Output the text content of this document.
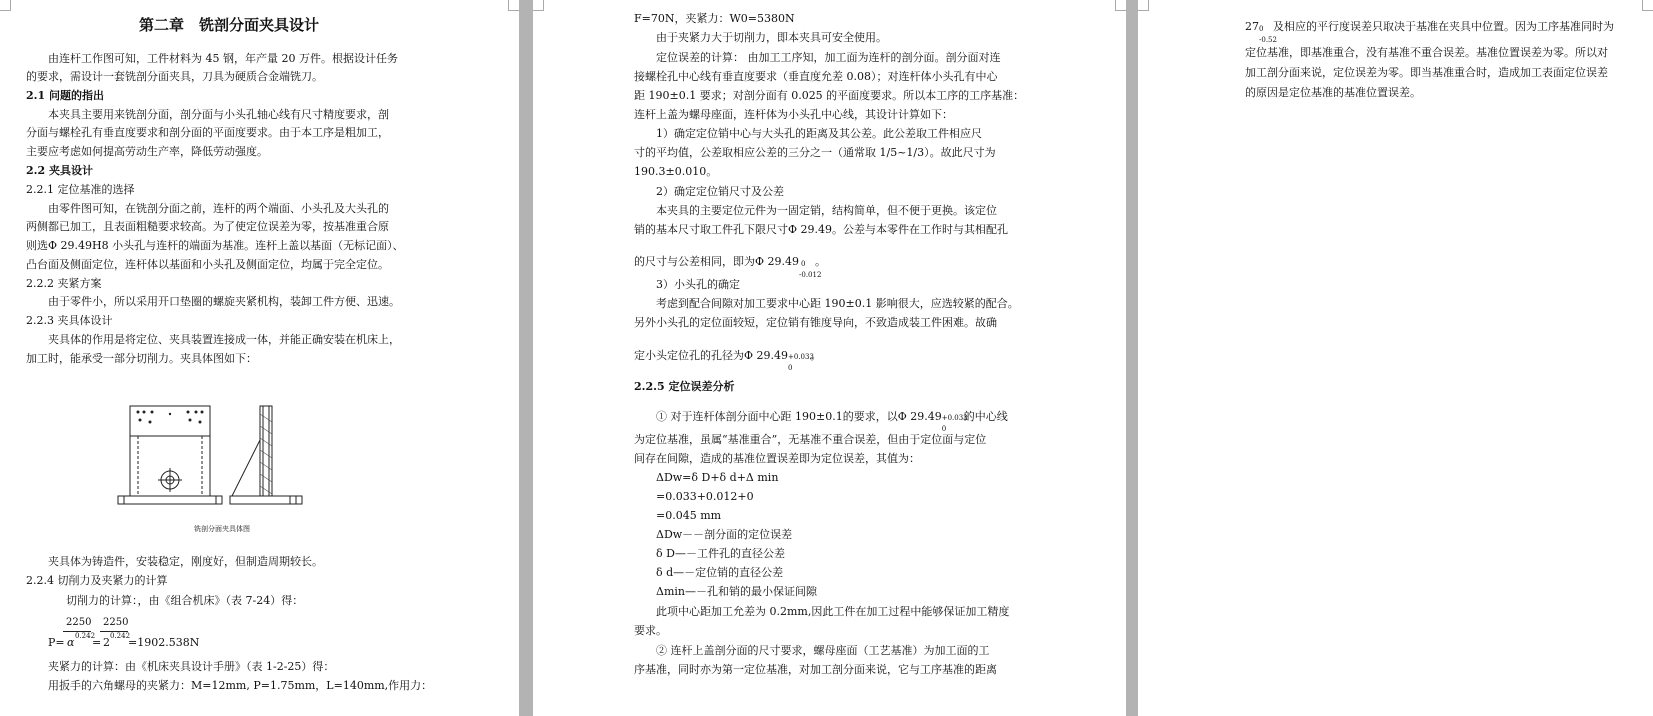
第二章　铣剖分面夹具设计
由连杆工作图可知，工件材料为 45 钢，年产量 20 万件。根据设计任务
的要求，需设计一套铣剖分面夹具，刀具为硬质合金端铣刀。
2.1 问题的指出
本夹具主要用来铣剖分面，剖分面与小头孔轴心线有尺寸精度要求，剖
分面与螺栓孔有垂直度要求和剖分面的平面度要求。由于本工序是粗加工，
主要应考虑如何提高劳动生产率，降低劳动强度。
2.2 夹具设计
2.2.1 定位基准的选择
由零件图可知，在铣剖分面之前，连杆的两个端面、小头孔及大头孔的
两侧都已加工，且表面粗糙要求较高。为了使定位误差为零，按基准重合原
则选Φ 29.49H8 小头孔与连杆的端面为基准。连杆上盖以基面（无标记面）、
凸台面及侧面定位，连杆体以基面和小头孔及侧面定位，均属于完全定位。
2.2.2 夹紧方案
由于零件小，所以采用开口垫圈的螺旋夹紧机构，装卸工件方便、迅速。
2.2.3 夹具体设计
夹具体的作用是将定位、夹具装置连接成一体，并能正确安装在机床上，
加工时，能承受一部分切削力。夹具体图如下：
铣剖分面夹具体图
夹具体为铸造件，安装稳定，刚度好，但制造周期较长。
2.2.4 切削力及夹紧力的计算
切削力的计算：，由《组合机床》（表 7-24）得：
2250 2250
P= α 0.242
= 2 0.242
=1902.538N
夹紧力的计算：由《机床夹具设计手册》（表 1-2-25）得：
用扳手的六角螺母的夹紧力：M=12mm, P=1.75mm，L=140mm,作用力：
F=70N，夹紧力：W0=5380N
由于夹紧力大于切削力，即本夹具可安全使用。
定位误差的计算： 由加工工序知，加工面为连杆的剖分面。剖分面对连
接螺栓孔中心线有垂直度要求（垂直度允差 0.08）；对连杆体小头孔有中心
距 190±0.1 要求；对剖分面有 0.025 的平面度要求。所以本工序的工序基准：
连杆上盖为螺母座面，连杆体为小头孔中心线，其设计计算如下：
1）确定定位销中心与大头孔的距离及其公差。此公差取工件相应尺
寸的平均值，公差取相应公差的三分之一（通常取 1/5~1/3）。故此尺寸为
190.3±0.010。
2）确定定位销尺寸及公差
本夹具的主要定位元件为一固定销，结构简单，但不便于更换。该定位
销的基本尺寸取工件孔下限尺寸Φ 29.49。公差与本零件在工作时与其相配孔
的尺寸与公差相同，即为Φ 29.49 0
-0.012
。
3）小头孔的确定
考虑到配合间隙对加工要求中心距 190±0.1 影响很大，应选较紧的配合。
另外小头孔的定位面较短，定位销有锥度导向，不致造成装工件困难。故确
定小头定位孔的孔径为Φ 29.49 +0.033
0
。
2.2.5 定位误差分析
① 对于连杆体剖分面中心距 190±0.1的要求，以Φ 29.49 +0.033
0
的中心线
为定位基准，虽属“基准重合”，无基准不重合误差，但由于定位面与定位
间存在间隙，造成的基准位置误差即为定位误差，其值为：
ΔDw=δ D+δ d+Δ min
=0.033+0.012+0
=0.045 mm
ΔDw－－剖分面的定位误差
δ D—－工件孔的直径公差
δ d—－定位销的直径公差
Δmin—－孔和销的最小保证间隙
此项中心距加工允差为 0.2mm,因此工件在加工过程中能够保证加工精度
要求。
② 连杆上盖剖分面的尺寸要求，螺母座面（工艺基准）为加工面的工
序基准，同时亦为第一定位基准，对加工剖分面来说，它与工序基准的距离
27 0
-0.52
及相应的平行度误差只取决于基准在夹具中位置。因为工序基准同时为
定位基准，即基准重合，没有基准不重合误差。基准位置误差为零。所以对
加工剖分面来说，定位误差为零。即当基准重合时，造成加工表面定位误差
的原因是定位基准的基准位置误差。
